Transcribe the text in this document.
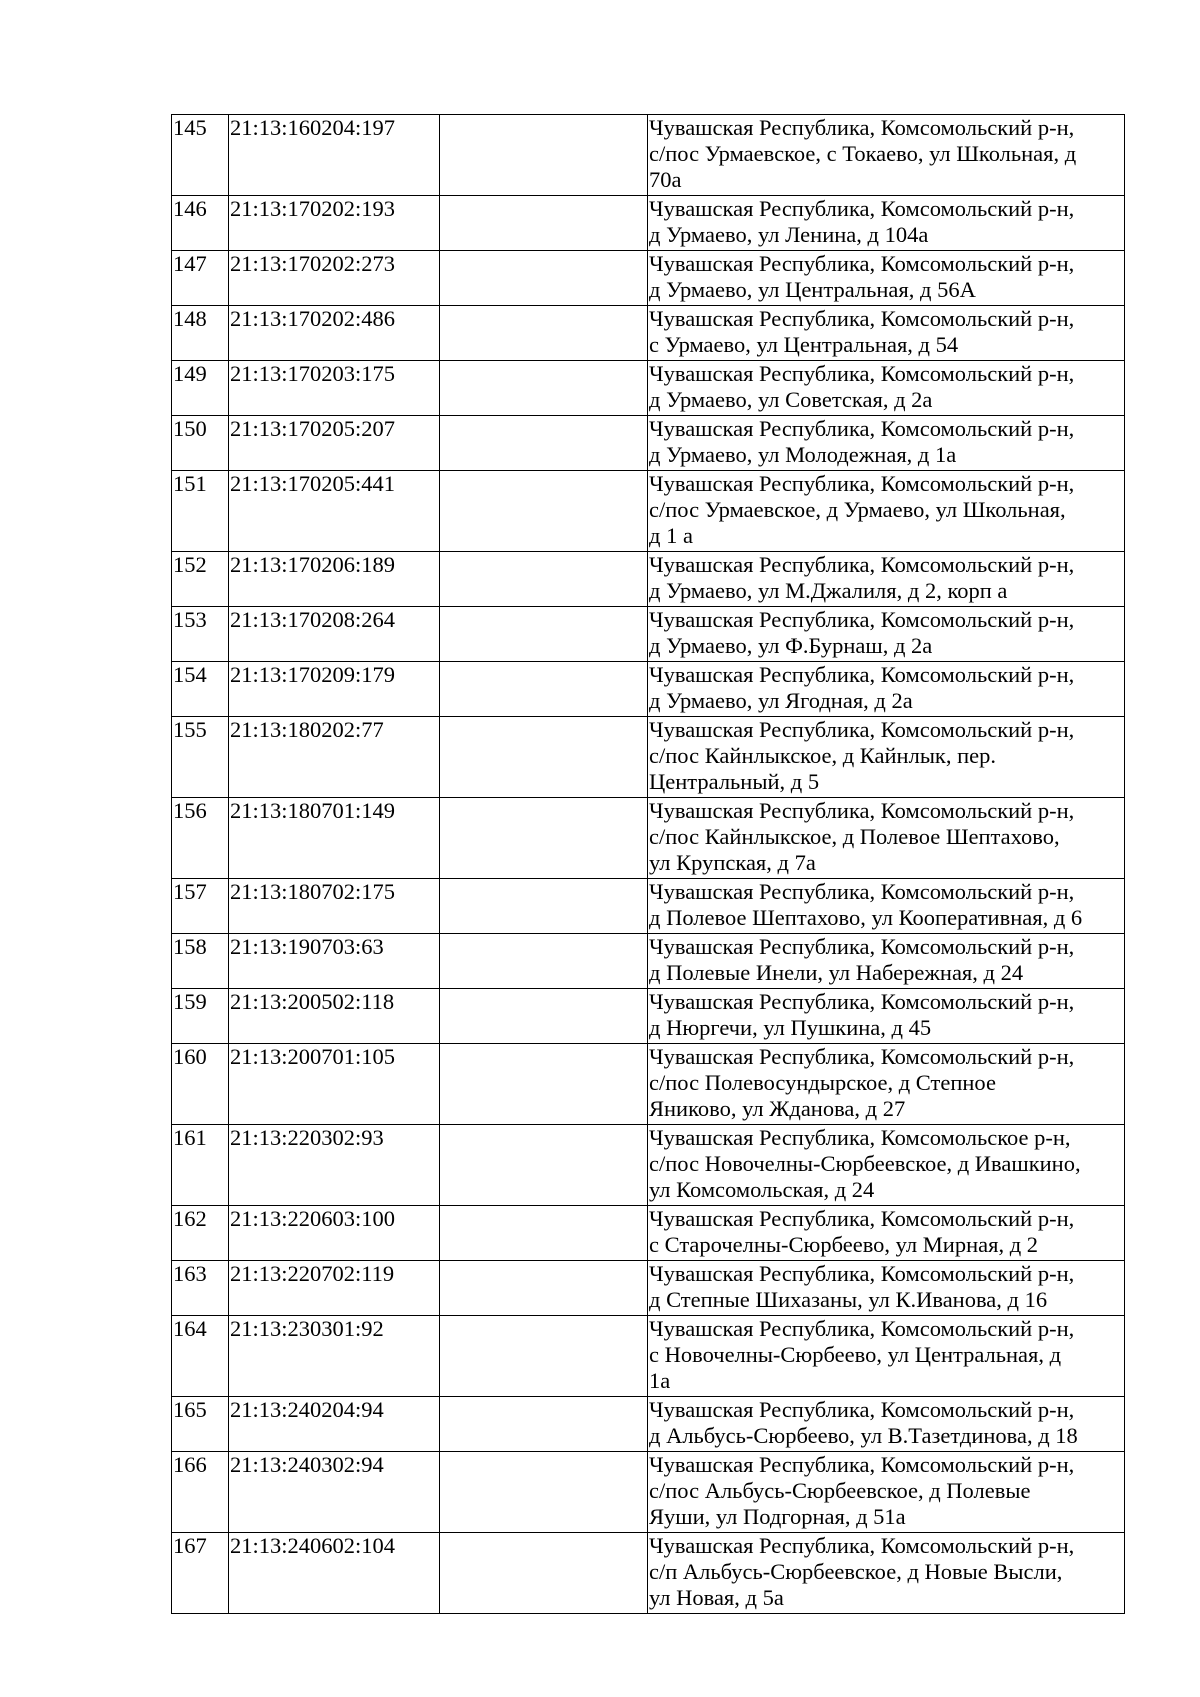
145	21:13:160204:197		Чувашская Республика, Комсомольский р-н,
с/пос Урмаевское, с Токаево, ул Школьная, д
70а

146	21:13:170202:193		Чувашская Республика, Комсомольский р-н,
д Урмаево, ул Ленина, д 104а

147	21:13:170202:273		Чувашская Республика, Комсомольский р-н,
д Урмаево, ул Центральная, д 56А

148	21:13:170202:486		Чувашская Республика, Комсомольский р-н,
с Урмаево, ул Центральная, д 54

149	21:13:170203:175		Чувашская Республика, Комсомольский р-н,
д Урмаево, ул Советская, д 2а

150	21:13:170205:207		Чувашская Республика, Комсомольский р-н,
д Урмаево, ул Молодежная, д 1а

151	21:13:170205:441		Чувашская Республика, Комсомольский р-н,
с/пос Урмаевское, д Урмаево, ул Школьная,
д 1 а

152	21:13:170206:189		Чувашская Республика, Комсомольский р-н,
д Урмаево, ул М.Джалиля, д 2, корп а

153	21:13:170208:264		Чувашская Республика, Комсомольский р-н,
д Урмаево, ул Ф.Бурнаш, д 2а

154	21:13:170209:179		Чувашская Республика, Комсомольский р-н,
д Урмаево, ул Ягодная, д 2а

155	21:13:180202:77		Чувашская Республика, Комсомольский р-н,
с/пос Кайнлыкское, д Кайнлык, пер.
Центральный, д 5

156	21:13:180701:149		Чувашская Республика, Комсомольский р-н,
с/пос Кайнлыкское, д Полевое Шептахово,
ул Крупская, д 7а

157	21:13:180702:175		Чувашская Республика, Комсомольский р-н,
д Полевое Шептахово, ул Кооперативная, д 6

158	21:13:190703:63		Чувашская Республика, Комсомольский р-н,
д Полевые Инели, ул Набережная, д 24

159	21:13:200502:118		Чувашская Республика, Комсомольский р-н,
д Нюргечи, ул Пушкина, д 45

160	21:13:200701:105		Чувашская Республика, Комсомольский р-н,
с/пос Полевосундырское, д Степное
Яниково, ул Жданова, д 27

161	21:13:220302:93		Чувашская Республика, Комсомольское р-н,
с/пос Новочелны-Сюрбеевское, д Ивашкино,
ул Комсомольская, д 24

162	21:13:220603:100		Чувашская Республика, Комсомольский р-н,
с Старочелны-Сюрбеево, ул Мирная, д 2

163	21:13:220702:119		Чувашская Республика, Комсомольский р-н,
д Степные Шихазаны, ул К.Иванова, д 16

164	21:13:230301:92		Чувашская Республика, Комсомольский р-н,
с Новочелны-Сюрбеево, ул Центральная, д
1а

165	21:13:240204:94		Чувашская Республика, Комсомольский р-н,
д Альбусь-Сюрбеево, ул В.Тазетдинова, д 18

166	21:13:240302:94		Чувашская Республика, Комсомольский р-н,
с/пос Альбусь-Сюрбеевское, д Полевые
Яуши, ул Подгорная, д 51а

167	21:13:240602:104		Чувашская Республика, Комсомольский р-н,
с/п Альбусь-Сюрбеевское, д Новые Высли,
ул Новая, д 5а
